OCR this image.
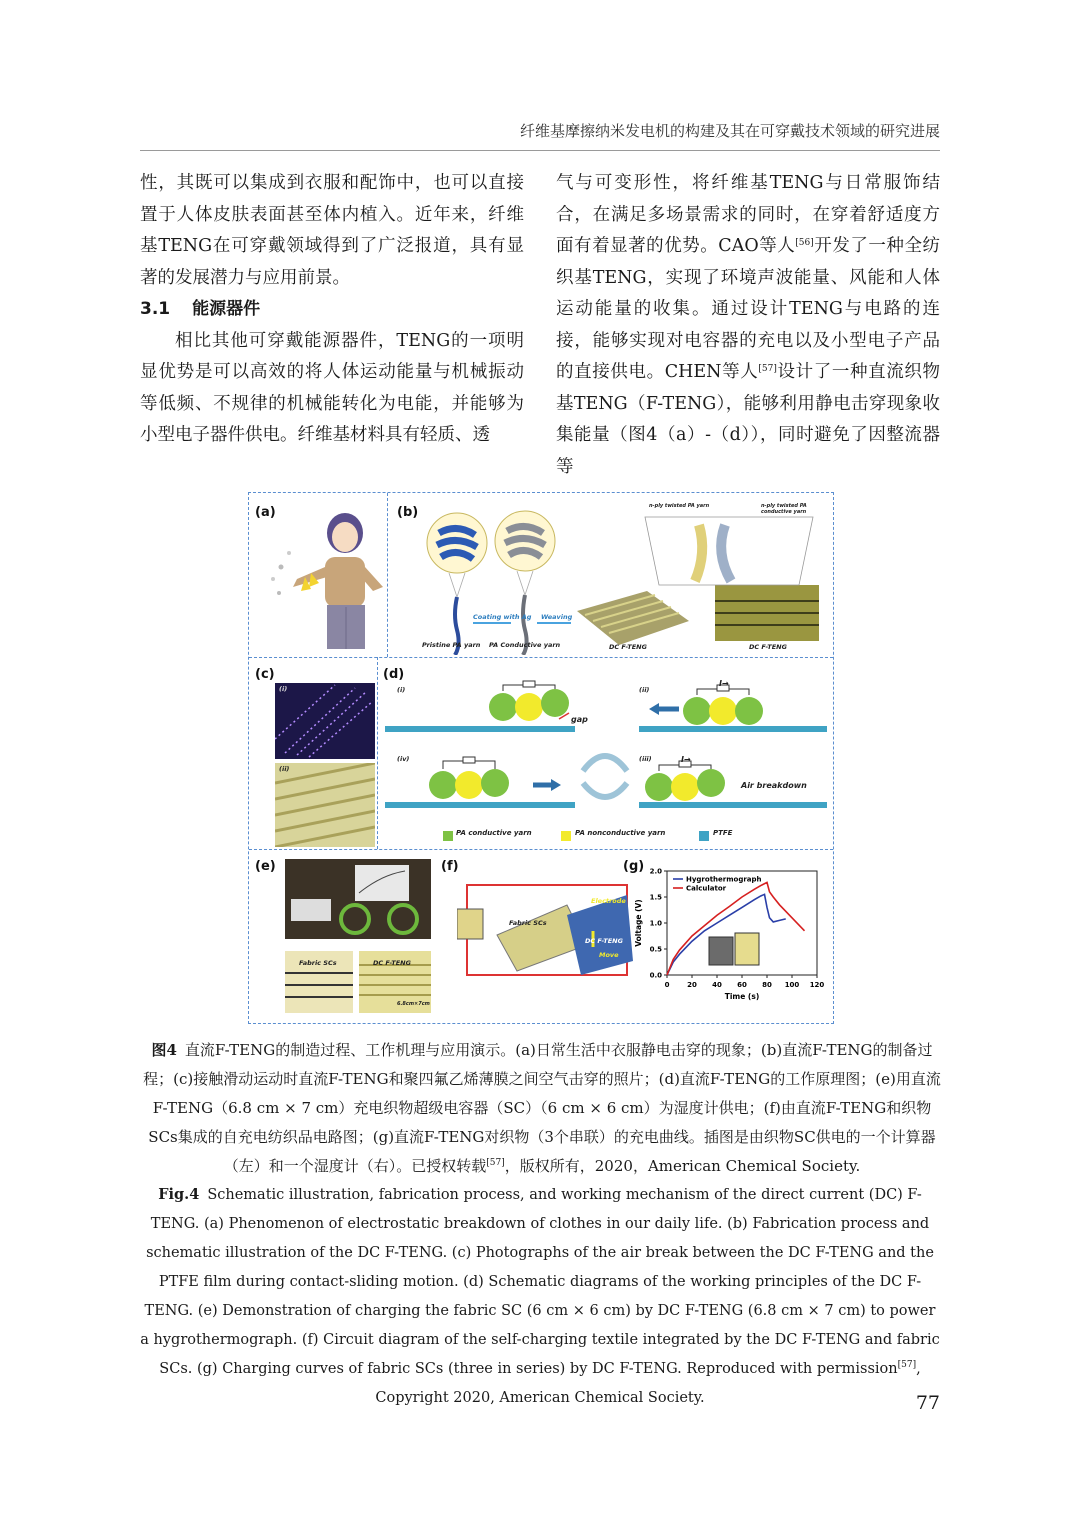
纤维基摩擦纳米发电机的构建及其在可穿戴技术领域的研究进展

性，其既可以集成到衣服和配饰中，也可以直接置于人体皮肤表面甚至体内植入。近年来，纤维基TENG在可穿戴领域得到了广泛报道，具有显著的发展潜力与应用前景。

3.1 能源器件

相比其他可穿戴能源器件，TENG的一项明显优势是可以高效的将人体运动能量与机械振动等低频、不规律的机械能转化为电能，并能够为小型电子器件供电。纤维基材料具有轻质、透

气与可变形性，将纤维基TENG与日常服饰结合，在满足多场景需求的同时，在穿着舒适度方面有着显著的优势。CAO等人[56]开发了一种全纺织基TENG，实现了环境声波能量、风能和人体运动能量的收集。通过设计TENG与电路的连接，能够实现对电容器的充电以及小型电子产品的直接供电。CHEN等人[57]设计了一种直流织物基TENG（F-TENG），能够利用静电击穿现象收集能量（图4（a）-（d）），同时避免了因整流器等

(a)	(b)
Pristine PA yarn PA Conductive yarn
Coating with Ag Weaving
DC F-TENG	DC F-TENG
n-ply twisted PA yarn	n-ply twisted PA conductive yarn
(c)
(i)
(ii)
(d)
(i)	(ii)
(iii)
(iv)
gap
I→
I→
Air breakdown
PA conductive yarn	PA nonconductive yarn	PTFE
(e)
Fabric SCs	DC F-TENG
6.8cm×7cm
(f)
Fabric SCs
DC F-TENG
Electrode
Move
(g)
0	20 40 60 80 100 120
0.0
0.5
1.0
1.5
2.0
Time (s)
Voltage (V)
Hygrothermograph
Calculator
图4 直流F-TENG的制造过程、工作机理与应用演示。(a)日常生活中衣服静电击穿的现象；(b)直流F-TENG的制备过程；(c)接触滑动运动时直流F-TENG和聚四氟乙烯薄膜之间空气击穿的照片；(d)直流F-TENG的工作原理图；(e)用直流F-TENG（6.8 cm × 7 cm）充电织物超级电容器（SC）（6 cm × 6 cm）为湿度计供电；(f)由直流F-TENG和织物SCs集成的自充电纺织品电路图；(g)直流F-TENG对织物（3个串联）的充电曲线。插图是由织物SC供电的一个计算器（左）和一个湿度计（右）。已授权转载[57]，版权所有，2020，American Chemical Society.
Fig.4 Schematic illustration, fabrication process, and working mechanism of the direct current (DC) F-TENG. (a) Phenomenon of electrostatic breakdown of clothes in our daily life. (b) Fabrication process and schematic illustration of the DC F-TENG. (c) Photographs of the air break between the DC F-TENG and the PTFE film during contact-sliding motion. (d) Schematic diagrams of the working principles of the DC F-TENG. (e) Demonstration of charging the fabric SC (6 cm × 6 cm) by DC F-TENG (6.8 cm × 7 cm) to power a hygrothermograph. (f) Circuit diagram of the self-charging textile integrated by the DC F-TENG and fabric SCs. (g) Charging curves of fabric SCs (three in series) by DC F-TENG. Reproduced with permission[57], Copyright 2020, American Chemical Society.	77
